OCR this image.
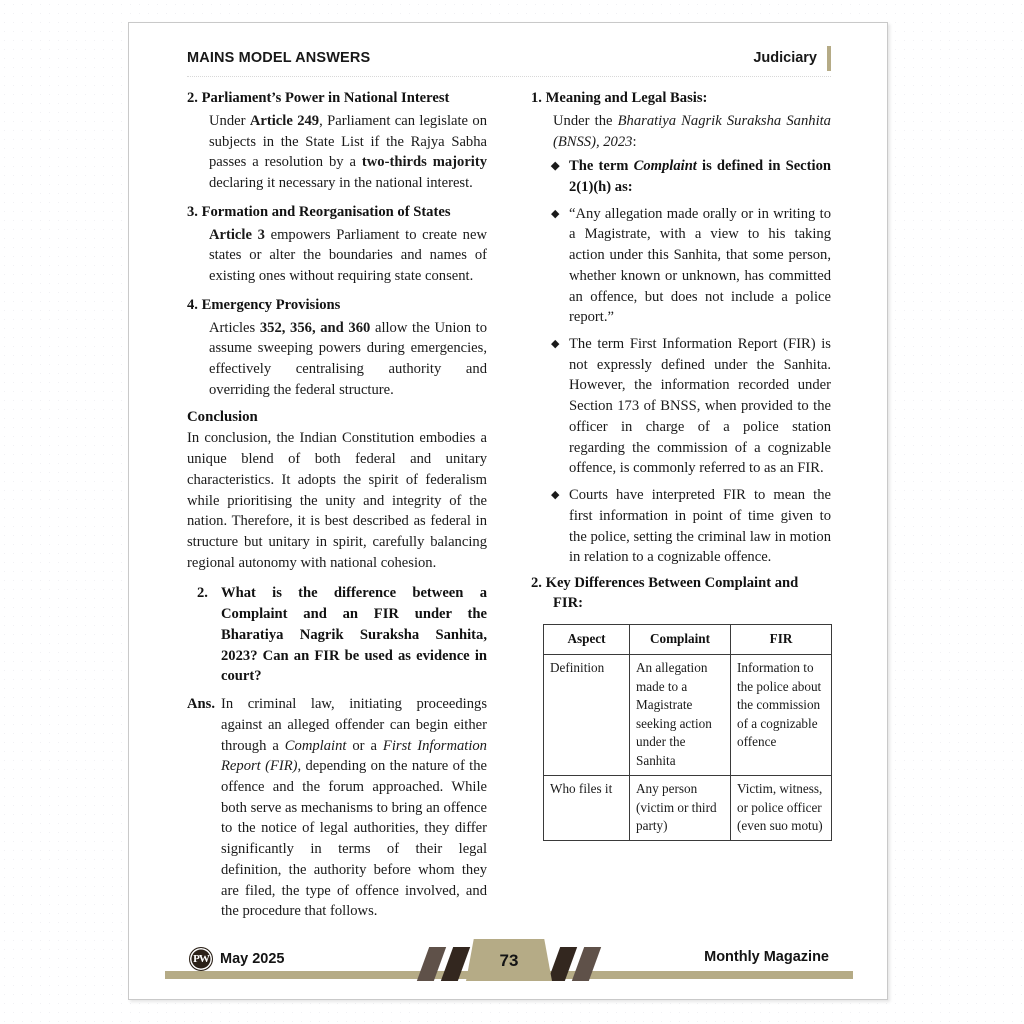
MAINS MODEL ANSWERS	Judiciary
2. Parliament’s Power in National Interest

Under Article 249, Parliament can legislate on subjects in the State List if the Rajya Sabha passes a resolution by a two-thirds majority declaring it necessary in the national interest.

3. Formation and Reorganisation of States

Article 3 empowers Parliament to create new states or alter the boundaries and names of existing ones without requiring state consent.

4. Emergency Provisions

Articles 352, 356, and 360 allow the Union to assume sweeping powers during emergencies, effectively centralising authority and overriding the federal structure.

Conclusion

In conclusion, the Indian Constitution embodies a unique blend of both federal and unitary characteristics. It adopts the spirit of federalism while prioritising the unity and integrity of the nation. Therefore, it is best described as federal in structure but unitary in spirit, carefully balancing regional autonomy with national cohesion.

2. What is the difference between a Complaint and an FIR under the Bharatiya Nagrik Suraksha Sanhita, 2023? Can an FIR be used as evidence in court?
Ans. In criminal law, initiating proceedings against an alleged offender can begin either through a Complaint or a First Information Report (FIR), depending on the nature of the offence and the forum approached. While both serve as mechanisms to bring an offence to the notice of legal authorities, they differ significantly in terms of their legal definition, the authority before whom they are filed, the type of offence involved, and the procedure that follows.
1. Meaning and Legal Basis:

Under the Bharatiya Nagrik Suraksha Sanhita (BNSS), 2023:

◆ The term Complaint is defined in Section 2(1)(h) as:
◆ “Any allegation made orally or in writing to a Magistrate, with a view to his taking action under this Sanhita, that some person, whether known or unknown, has committed an offence, but does not include a police report.”
◆ The term First Information Report (FIR) is not expressly defined under the Sanhita. However, the information recorded under Section 173 of BNSS, when provided to the officer in charge of a police station regarding the commission of a cognizable offence, is commonly referred to as an FIR.
◆ Courts have interpreted FIR to mean the first information in point of time given to the police, setting the criminal law in motion in relation to a cognizable offence.
2. Key Differences Between Complaint and FIR:
Aspect	Complaint	FIR
Definition	An allegation made to a Magistrate seeking action under the Sanhita	Information to the police about the commission of a cognizable offence
Who files it	Any person (victim or third party)	Victim, witness, or police officer (even suo motu)
PW May 2025	73	Monthly Magazine
